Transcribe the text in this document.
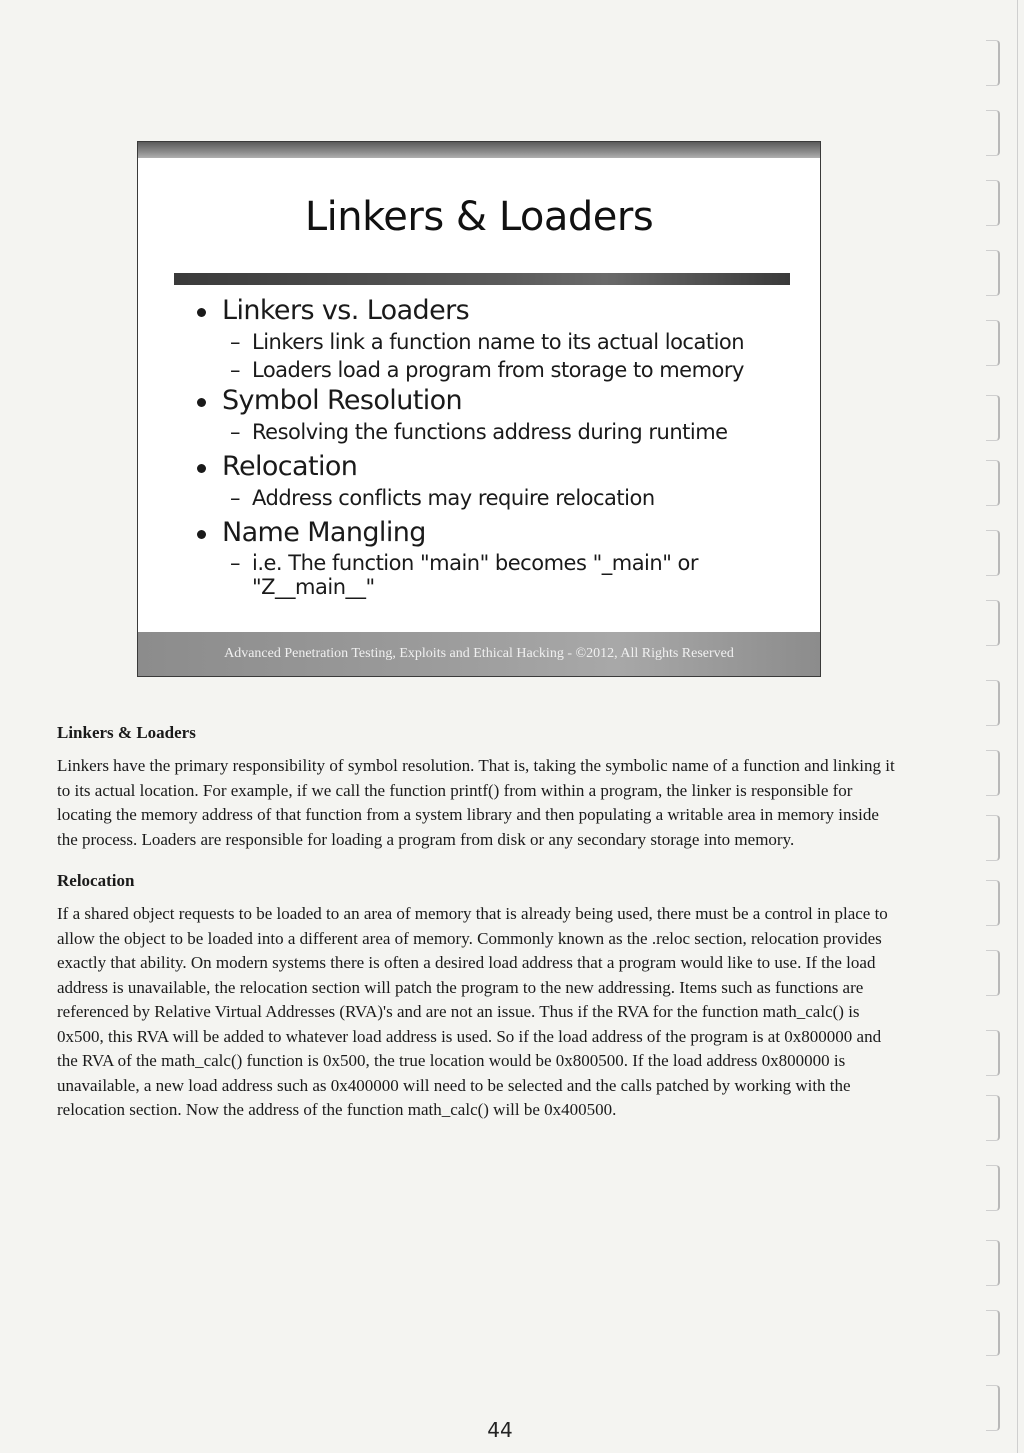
Linkers & Loaders
Linkers vs. Loaders
– Linkers link a function name to its actual location
– Loaders load a program from storage to memory
Symbol Resolution
– Resolving the functions address during runtime
Relocation
– Address conflicts may require relocation
Name Mangling
– i.e. The function "main" becomes "_main" or
"Z__main__"
Advanced Penetration Testing, Exploits and Ethical Hacking - ©2012, All Rights Reserved
Linkers & Loaders

Linkers have the primary responsibility of symbol resolution. That is, taking the symbolic name of a function and linking it to its actual location. For example, if we call the function printf() from within a program, the linker is responsible for locating the memory address of that function from a system library and then populating a writable area in memory inside the process. Loaders are responsible for loading a program from disk or any secondary storage into memory.

Relocation

If a shared object requests to be loaded to an area of memory that is already being used, there must be a control in place to allow the object to be loaded into a different area of memory. Commonly known as the .reloc section, relocation provides exactly that ability. On modern systems there is often a desired load address that a program would like to use. If the load address is unavailable, the relocation section will patch the program to the new addressing. Items such as functions are referenced by Relative Virtual Addresses (RVA)'s and are not an issue. Thus if the RVA for the function math_calc() is 0x500, this RVA will be added to whatever load address is used. So if the load address of the program is at 0x800000 and the RVA of the math_calc() function is 0x500, the true location would be 0x800500. If the load address 0x800000 is unavailable, a new load address such as 0x400000 will need to be selected and the calls patched by working with the relocation section. Now the address of the function math_calc() will be 0x400500.

44
